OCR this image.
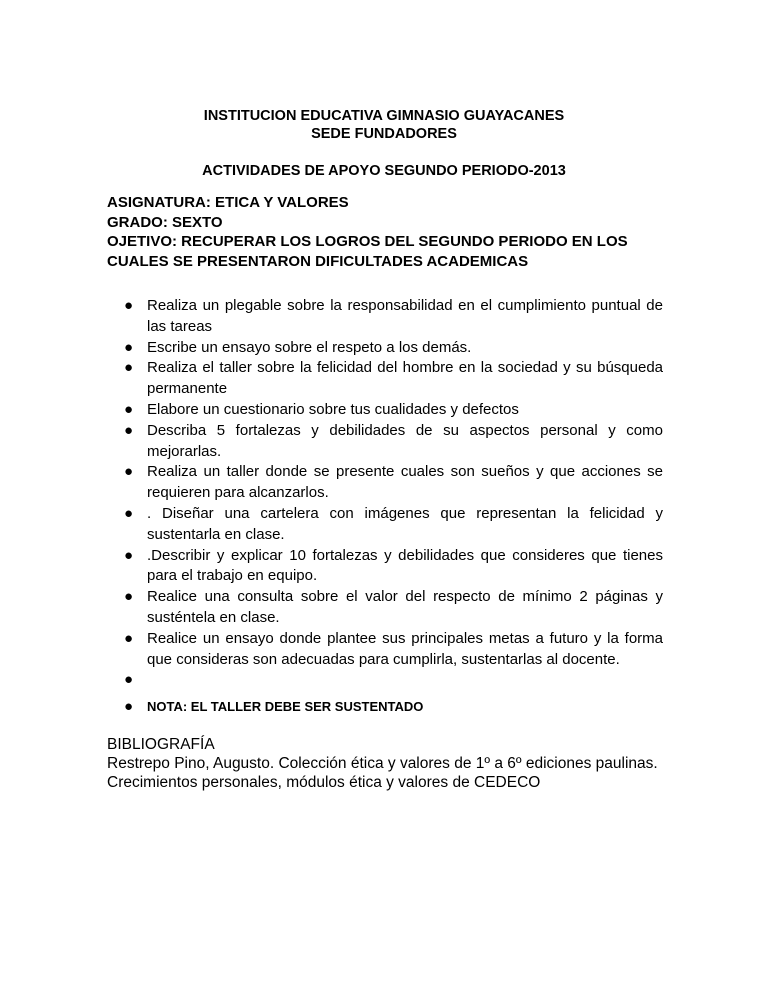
INSTITUCION EDUCATIVA GIMNASIO GUAYACANES
SEDE FUNDADORES
ACTIVIDADES DE APOYO SEGUNDO PERIODO-2013
ASIGNATURA: ETICA Y VALORES
GRADO: SEXTO
OJETIVO: RECUPERAR LOS LOGROS DEL SEGUNDO PERIODO EN LOS
CUALES SE PRESENTARON DIFICULTADES ACADEMICAS
● Realiza un plegable sobre la responsabilidad en el cumplimiento puntual de las tareas
● Escribe un ensayo sobre el respeto a los demás.
● Realiza el taller sobre la felicidad del hombre en la sociedad y su búsqueda permanente
● Elabore un cuestionario sobre tus cualidades y defectos
● Describa 5 fortalezas y debilidades de su aspectos personal y como mejorarlas.
● Realiza un taller donde se presente cuales son sueños y que acciones se requieren para alcanzarlos.
● . Diseñar una cartelera con imágenes que representan la felicidad y sustentarla en clase.
● .Describir y explicar 10 fortalezas y debilidades que consideres que tienes para el trabajo en equipo.
● Realice una consulta sobre el valor del respecto de mínimo 2 páginas y susténtela en clase.
● Realice un ensayo donde plantee sus principales metas a futuro y la forma que consideras son adecuadas para cumplirla, sustentarlas al docente.
●

● NOTA: EL TALLER DEBE SER SUSTENTADO
BIBLIOGRAFÍA
Restrepo Pino, Augusto. Colección ética y valores de 1º a 6º ediciones paulinas.
Crecimientos personales, módulos ética y valores de CEDECO
